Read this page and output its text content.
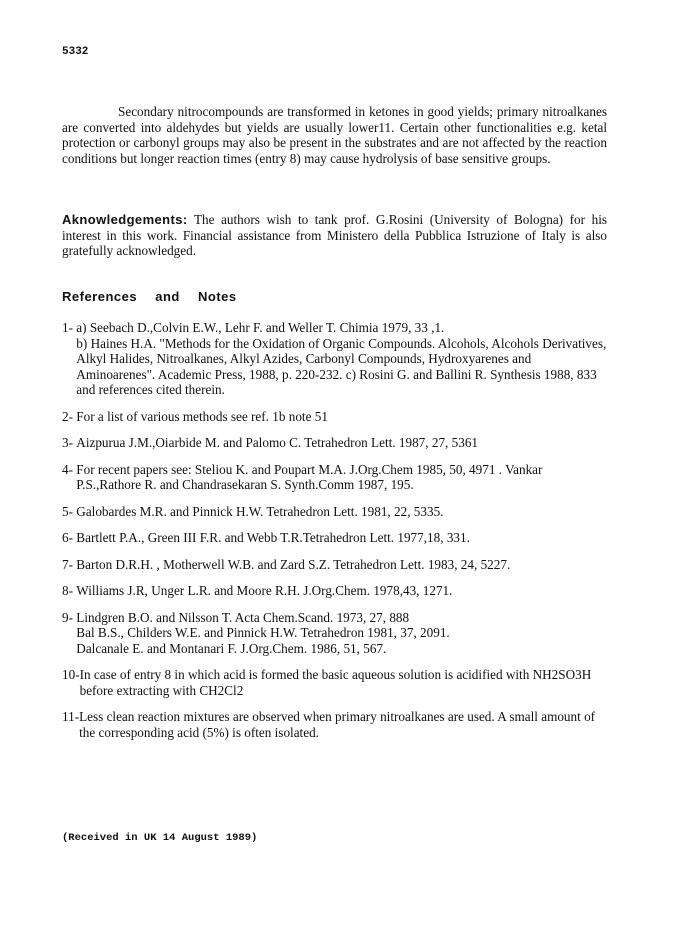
5332
Secondary nitrocompounds are transformed in ketones in good yields; primary nitroalkanes are converted into aldehydes but yields are usually lower11. Certain other functionalities e.g. ketal protection or carbonyl groups may also be present in the substrates and are not affected by the reaction conditions but longer reaction times (entry 8) may cause hydrolysis of base sensitive groups.
Aknowledgements: The authors wish to tank prof. G.Rosini (University of Bologna) for his interest in this work. Financial assistance from Ministero della Pubblica Istruzione of Italy is also gratefully acknowledged.
References and Notes
1- a) Seebach D.,Colvin E.W., Lehr F. and Weller T. Chimia 1979, 33 ,1.
b) Haines H.A. "Methods for the Oxidation of Organic Compounds. Alcohols, Alcohols Derivatives, Alkyl Halides, Nitroalkanes, Alkyl Azides, Carbonyl Compounds, Hydroxyarenes and Aminoarenes". Academic Press, 1988, p. 220-232. c) Rosini G. and Ballini R. Synthesis 1988, 833 and references cited therein.
2- For a list of various methods see ref. 1b note 51
3- Aizpurua J.M.,Oiarbide M. and Palomo C. Tetrahedron Lett. 1987, 27, 5361
4- For recent papers see: Steliou K. and Poupart M.A. J.Org.Chem 1985, 50, 4971 . Vankar P.S.,Rathore R. and Chandrasekaran S. Synth.Comm 1987, 195.
5- Galobardes M.R. and Pinnick H.W. Tetrahedron Lett. 1981, 22, 5335.
6- Bartlett P.A., Green III F.R. and Webb T.R.Tetrahedron Lett. 1977,18, 331.
7- Barton D.R.H. , Motherwell W.B. and Zard S.Z. Tetrahedron Lett. 1983, 24, 5227.
8- Williams J.R, Unger L.R. and Moore R.H. J.Org.Chem. 1978,43, 1271.
9- Lindgren B.O. and Nilsson T. Acta Chem.Scand. 1973, 27, 888
Bal B.S., Childers W.E. and Pinnick H.W. Tetrahedron 1981, 37, 2091.
Dalcanale E. and Montanari F. J.Org.Chem. 1986, 51, 567.
10- In case of entry 8 in which acid is formed the basic aqueous solution is acidified with NH2SO3H before extracting with CH2Cl2
11- Less clean reaction mixtures are observed when primary nitroalkanes are used. A small amount of the corresponding acid (5%) is often isolated.
(Received in UK 14 August 1989)
